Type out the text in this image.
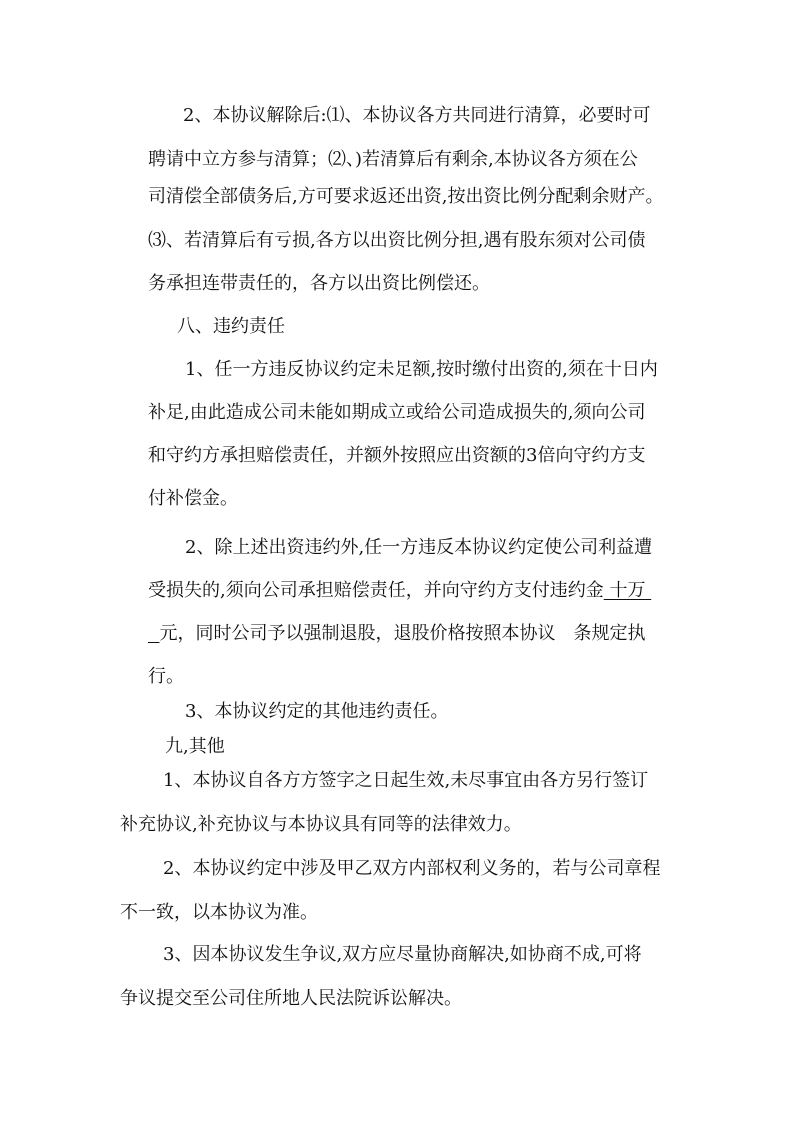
2、本协议解除后:⑴、本协议各方共同进行清算，必要时可
聘请中立方参与清算；⑵、)若清算后有剩余,本协议各方须在公
司清偿全部债务后,方可要求返还出资,按出资比例分配剩余财产。
⑶、若清算后有亏损,各方以出资比例分担,遇有股东须对公司债
务承担连带责任的，各方以出资比例偿还。
八、违约责任
1、任一方违反协议约定未足额,按时缴付出资的,须在十日内
补足,由此造成公司未能如期成立或给公司造成损失的,须向公司
和守约方承担赔偿责任，并额外按照应出资额的3倍向守约方支
付补偿金。
2、除上述出资违约外,任一方违反本协议约定使公司利益遭
受损失的,须向公司承担赔偿责任，并向守约方支付违约金 十万
元，同时公司予以强制退股，退股价格按照本协议　条规定执
行。
3、本协议约定的其他违约责任。
九,其他
1、本协议自各方方签字之日起生效,未尽事宜由各方另行签订
补充协议,补充协议与本协议具有同等的法律效力。
2、本协议约定中涉及甲乙双方内部权利义务的，若与公司章程
不一致，以本协议为准。
3、因本协议发生争议,双方应尽量协商解决,如协商不成,可将
争议提交至公司住所地人民法院诉讼解决。
